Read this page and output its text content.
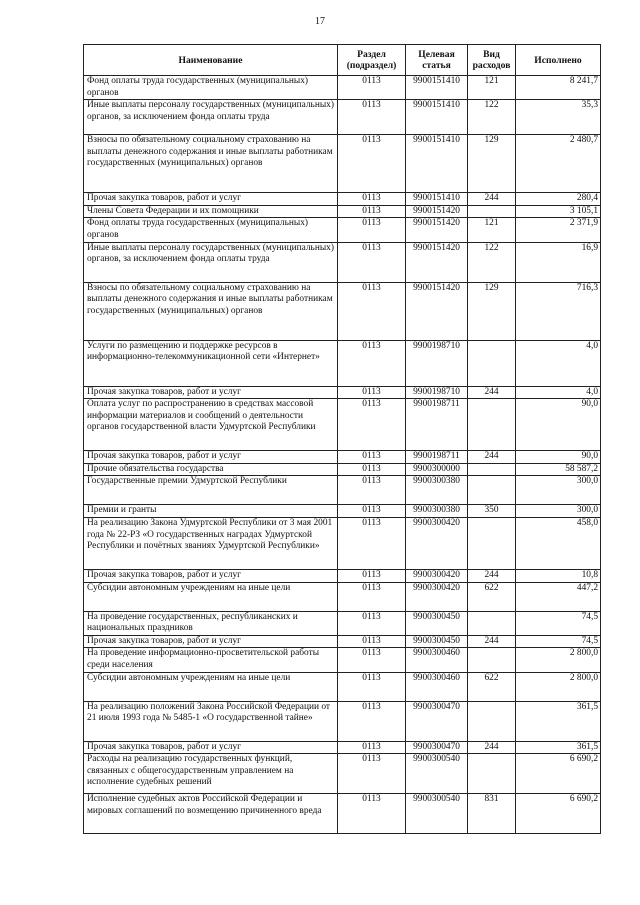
17
Наименование	Раздел (подраздел)	Целевая статья	Вид расходов	Исполнено
Фонд оплаты труда государственных (муниципальных) органов	0113	9900151410	121	8 241,7
Иные выплаты персоналу государственных (муниципальных) органов, за исключением фонда оплаты труда	0113	9900151410	122	35,3
Взносы по обязательному социальному страхованию на выплаты денежного содержания и иные выплаты работникам государственных (муниципальных) органов	0113	9900151410	129	2 480,7
Прочая закупка товаров, работ и услуг	0113	9900151410	244	280,4
Члены Совета Федерации и их помощники	0113	9900151420		3 105,1
Фонд оплаты труда государственных (муниципальных) органов	0113	9900151420	121	2 371,9
Иные выплаты персоналу государственных (муниципальных) органов, за исключением фонда оплаты труда	0113	9900151420	122	16,9
Взносы по обязательному социальному страхованию на выплаты денежного содержания и иные выплаты работникам государственных (муниципальных) органов	0113	9900151420	129	716,3
Услуги по размещению и поддержке ресурсов в информационно-телекоммуникационной сети «Интернет»	0113	9900198710		4,0
Прочая закупка товаров, работ и услуг	0113	9900198710	244	4,0
Оплата услуг по распространению в средствах массовой информации материалов и сообщений о деятельности органов государственной власти Удмуртской Республики	0113	9900198711		90,0
Прочая закупка товаров, работ и услуг	0113	9900198711	244	90,0
Прочие обязательства государства	0113	9900300000		58 587,2
Государственные премии Удмуртской Республики	0113	9900300380		300,0
Премии и гранты	0113	9900300380	350	300,0
На реализацию Закона Удмуртской Республики от 3 мая 2001 года № 22-РЗ «О государственных наградах Удмуртской Республики и почётных званиях Удмуртской Республики»	0113	9900300420		458,0
Прочая закупка товаров, работ и услуг	0113	9900300420	244	10,8
Субсидии автономным учреждениям на иные цели	0113	9900300420	622	447,2
На проведение государственных, республиканских и национальных праздников	0113	9900300450		74,5
Прочая закупка товаров, работ и услуг	0113	9900300450	244	74,5
На проведение информационно-просветительской работы среди населения	0113	9900300460		2 800,0
Субсидии автономным учреждениям на иные цели	0113	9900300460	622	2 800,0
На реализацию положений Закона Российской Федерации от 21 июля 1993 года № 5485-1 «О государственной тайне»	0113	9900300470		361,5
Прочая закупка товаров, работ и услуг	0113	9900300470	244	361,5
Расходы на реализацию государственных функций, связанных с общегосударственным управлением на исполнение судебных решений	0113	9900300540		6 690,2
Исполнение судебных актов Российской Федерации и мировых соглашений по возмещению причиненного вреда	0113	9900300540	831	6 690,2
